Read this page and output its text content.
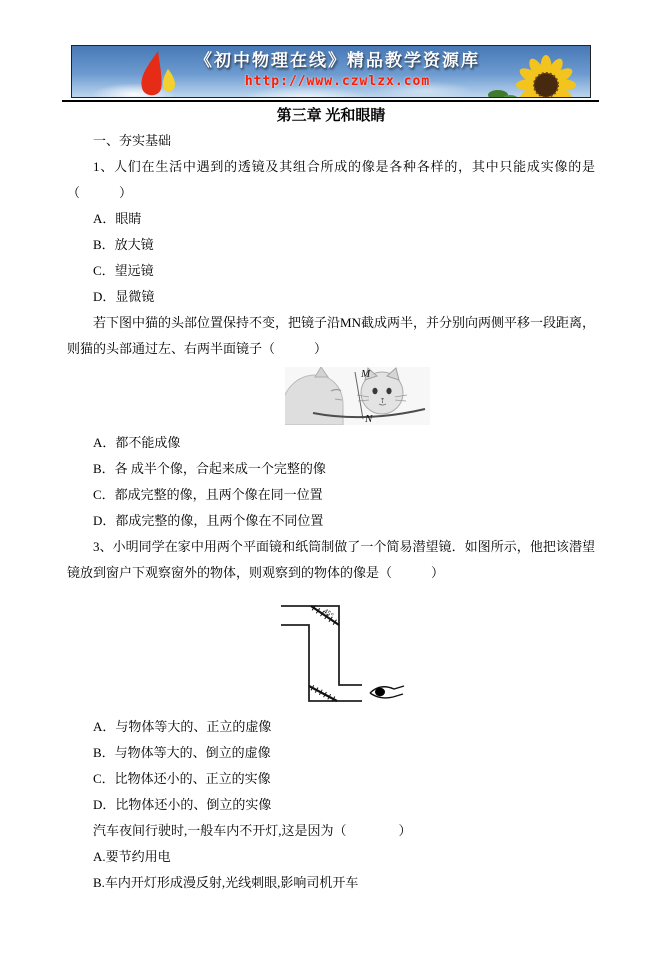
《初中物理在线》精品教学资源库
http://www.czwlzx.com

第三章 光和眼睛

一、夯实基础

1、人们在生活中遇到的透镜及其组合所成的像是各种各样的，其中只能成实像的是（　　　）

A．眼睛

B．放大镜

C．望远镜

D．显微镜

若下图中猫的头部位置保持不变，把镜子沿MN截成两半，并分别向两侧平移一段距离，则猫的头部通过左、右两半面镜子（　　　）

M
N

A．都不能成像

B．各 成半个像，合起来成一个完整的像

C．都成完整的像，且两个像在同一位置

D．都成完整的像，且两个像在不同位置

3、小明同学在家中用两个平面镜和纸筒制做了一个简易潜望镜．如图所示，他把该潜望镜放到窗户下观察窗外的物体，则观察到的物体的像是（　　　）

45°

A．与物体等大的、正立的虚像

B．与物体等大的、倒立的虚像

C．比物体还小的、正立的实像

D．比物体还小的、倒立的实像

汽车夜间行驶时,一般车内不开灯,这是因为（　　　　）

A.要节约用电

B.车内开灯形成漫反射,光线刺眼,影响司机开车
